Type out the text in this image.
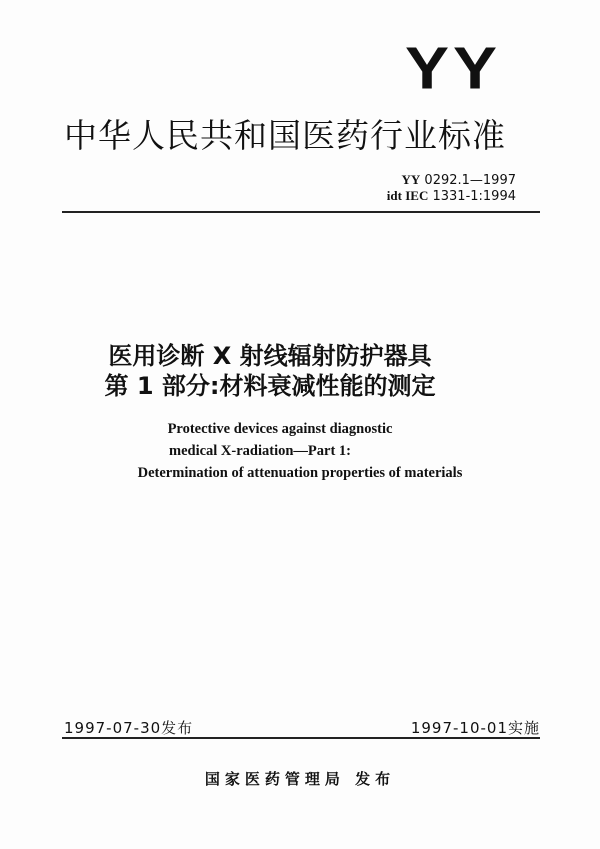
YY
中华人民共和国医药行业标准
YY 0292.1—1997
idt IEC 1331-1:1994
医用诊断 X 射线辐射防护器具
第 1 部分:材料衰减性能的测定
Protective devices against diagnostic
medical X-radiation—Part 1:
Determination of attenuation properties of materials
1997-07-30发布	1997-10-01实施
国家医药管理局 发布
